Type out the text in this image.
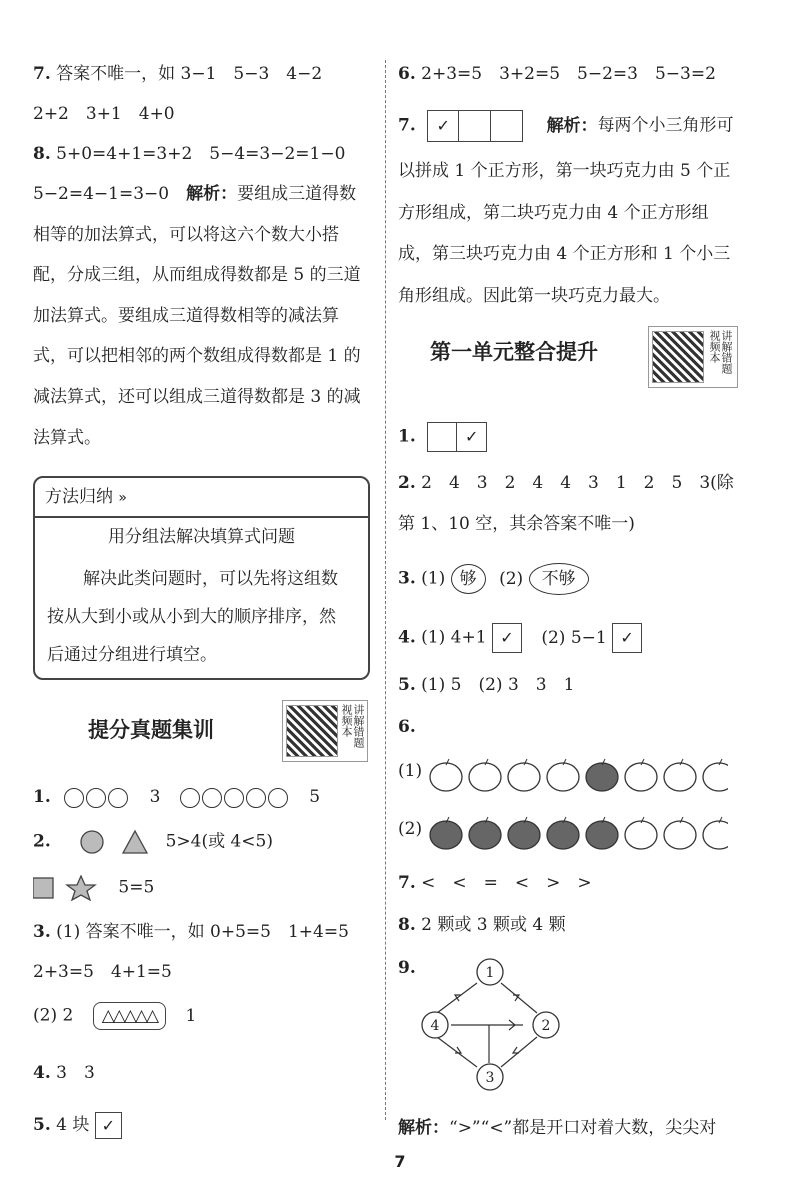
7. 答案不唯一，如 3−1　5−3　4−2
2+2　3+1　4+0
8. 5+0=4+1=3+2　5−4=3−2=1−0
5−2=4−1=3−0　解析：要组成三道得数
相等的加法算式，可以将这六个数大小搭
配，分成三组，从而组成得数都是 5 的三道
加法算式。要组成三道得数相等的减法算
式，可以把相邻的两个数组成得数都是 1 的
减法算式，还可以组成三道得数都是 3 的减
法算式。
方法归纳 »
用分组法解决填算式问题
解决此类问题时，可以先将这组数
按从大到小或从小到大的顺序排序，然
后通过分组进行填空。
提分真题集训	讲解错题视频本
1.	3	5
2.	5>4(或 4<5)
5=5
3. (1) 答案不唯一，如 0+5=5　1+4=5
2+3=5　4+1=5
(2) 2 △△△△△ 1
4. 3　3
5. 4 块 ✓
6. 2+3=5　3+2=5　5−2=3　5−3=2
7. ✓	解析：每两个小三角形可
以拼成 1 个正方形，第一块巧克力由 5 个正
方形组成，第二块巧克力由 4 个正方形组
成，第三块巧克力由 4 个正方形和 1 个小三
角形组成。因此第一块巧克力最大。
第一单元整合提升	讲解错题视频本
1.	✓
2. 2　4　3　2　4　4　3　1　2　5　3(除
第 1、10 空，其余答案不唯一)
3. (1) 够 (2) 不够
4. (1) 4+1 ✓ (2) 5−1 ✓
5. (1) 5　(2) 3　3　1
6.
(1)
(2)
7. <　<　=　<　>　>
8. 2 颗或 3 颗或 4 颗
9.	1
2
3
4
解析：“>”“<”都是开口对着大数，尖尖对
7
